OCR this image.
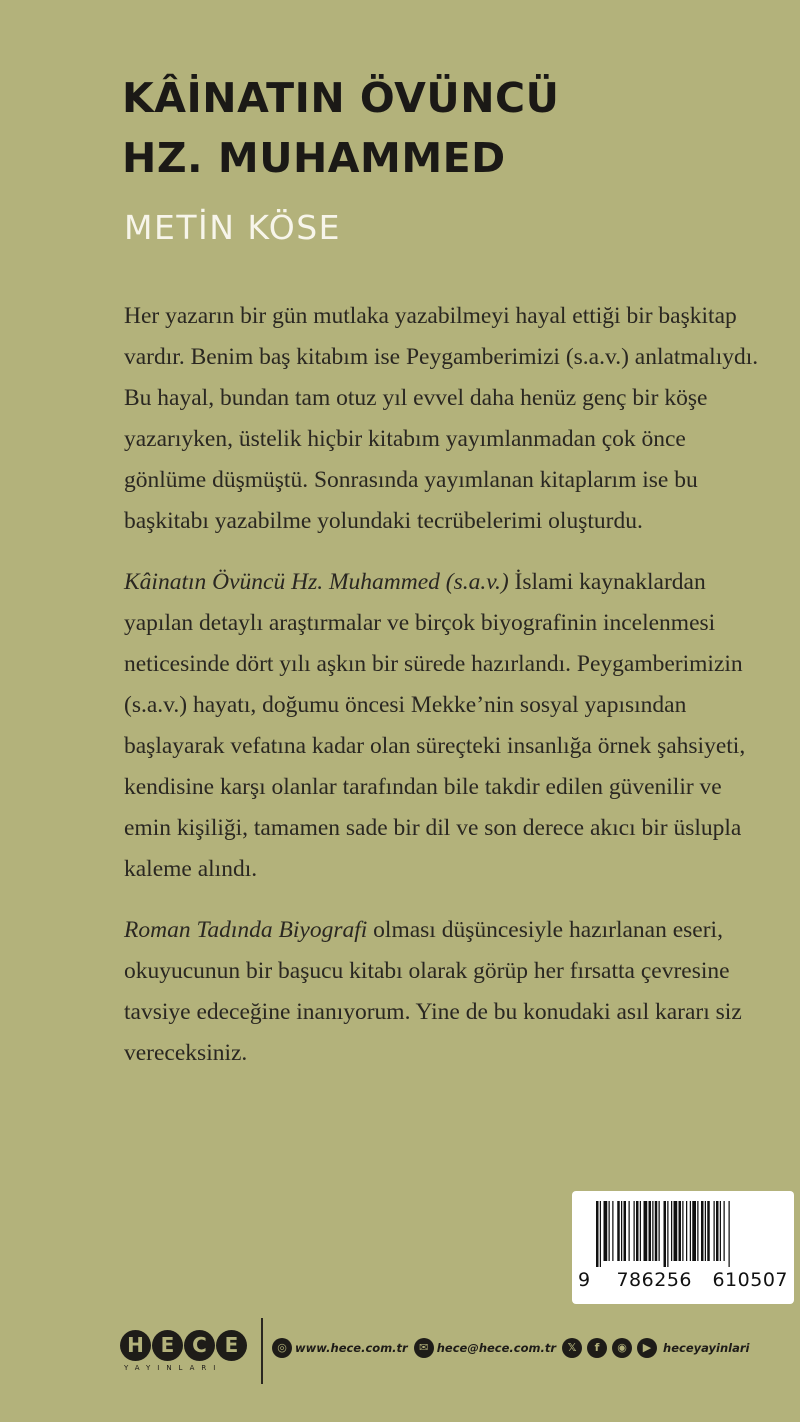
KÂİNATIN ÖVÜNCÜ
HZ. MUHAMMED
METİN KÖSE

Her yazarın bir gün mutlaka yazabilmeyi hayal ettiği bir başkitap vardır. Benim baş kitabım ise Peygamberimizi (s.a.v.) anlatmalıydı. Bu hayal, bundan tam otuz yıl evvel daha henüz genç bir köşe yazarıyken, üstelik hiçbir kitabım yayımlanmadan çok önce gönlüme düşmüştü. Sonrasında yayımlanan kitaplarım ise bu başkitabı yazabilme yolundaki tecrübelerimi oluşturdu.

Kâinatın Övüncü Hz. Muhammed (s.a.v.) İslami kaynaklardan yapılan detaylı araştırmalar ve birçok biyografinin incelenmesi neticesinde dört yılı aşkın bir sürede hazırlandı. Peygamberimizin (s.a.v.) hayatı, doğumu öncesi Mekke’nin sosyal yapısından başlayarak vefatına kadar olan süreçteki insanlığa örnek şahsiyeti, kendisine karşı olanlar tarafından bile takdir edilen güvenilir ve emin kişiliği, tamamen sade bir dil ve son derece akıcı bir üslupla kaleme alındı.

Roman Tadında Biyografi olması düşüncesiyle hazırlanan eseri, okuyucunun bir başucu kitabı olarak görüp her fırsatta çevresine tavsiye edeceğine inanıyorum. Yine de bu konudaki asıl kararı siz vereceksiniz.

9 786256 610507
H E C E
YAYINLARI
◎ www.hece.com.tr	✉ hece@hece.com.tr	𝕏	f	◉	▶	heceyayinlari
